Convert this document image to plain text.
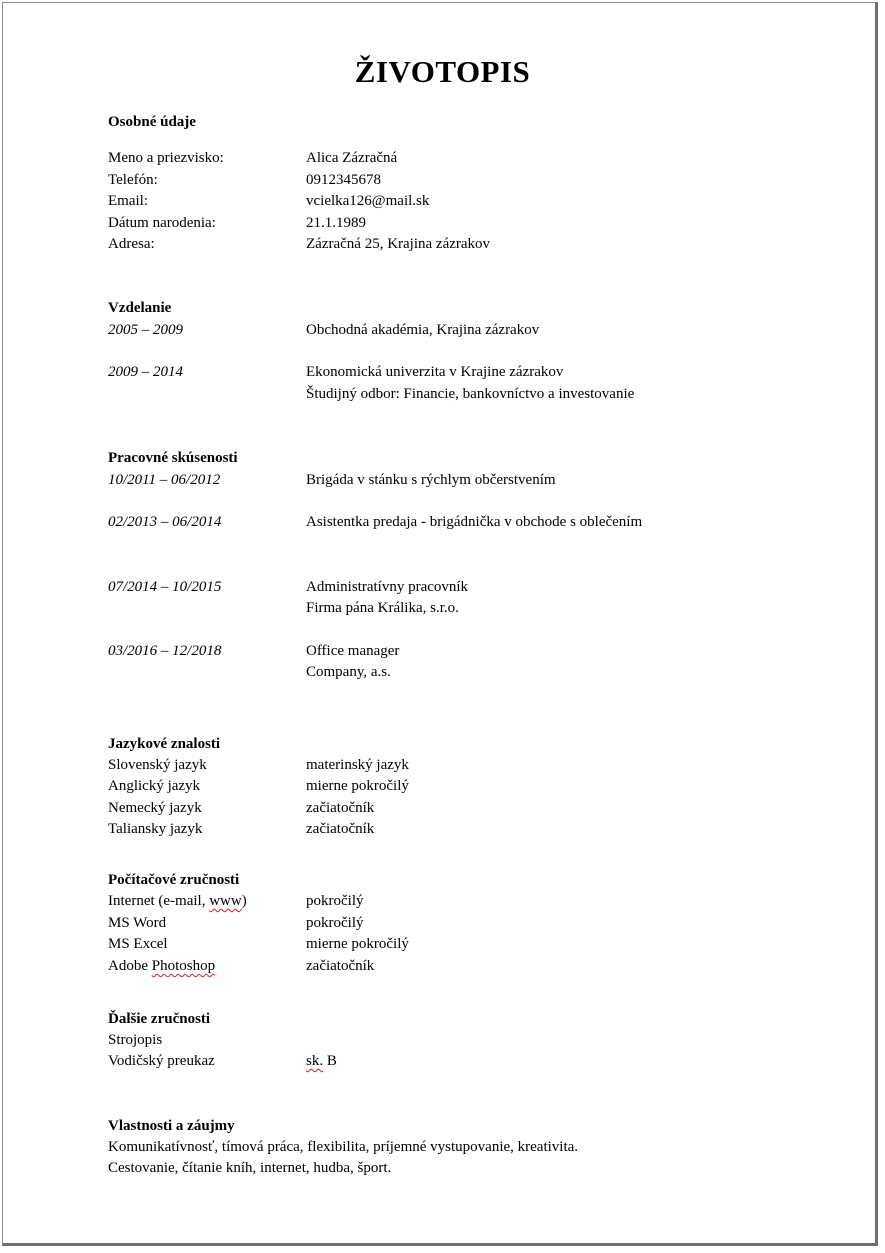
ŽIVOTOPIS
Osobné údaje
Meno a priezvisko:	Alica Zázračná
Telefón:	0912345678
Email:	vcielka126@mail.sk
Dátum narodenia:	21.1.1989
Adresa:	Zázračná 25, Krajina zázrakov
Vzdelanie
2005 – 2009	Obchodná akadémia, Krajina zázrakov
2009 – 2014	Ekonomická univerzita v Krajine zázrakov
Študijný odbor: Financie, bankovníctvo a investovanie
Pracovné skúsenosti
10/2011 – 06/2012	Brigáda v stánku s rýchlym občerstvením
02/2013 – 06/2014	Asistentka predaja - brigádnička v obchode s oblečením
07/2014 – 10/2015	Administratívny pracovník
Firma pána Králika, s.r.o.
03/2016 – 12/2018	Office manager
Company, a.s.
Jazykové znalosti
Slovenský jazyk	materinský jazyk
Anglický jazyk	mierne pokročilý
Nemecký jazyk	začiatočník
Taliansky jazyk	začiatočník
Počítačové zručnosti
Internet (e-mail, www)	pokročilý
MS Word	pokročilý
MS Excel	mierne pokročilý
Adobe Photoshop	začiatočník
Ďalšie zručnosti
Strojopis
Vodičský preukaz	sk. B
Vlastnosti a záujmy
Komunikatívnosť, tímová práca, flexibilita, príjemné vystupovanie, kreativita.
Cestovanie, čítanie kníh, internet, hudba, šport.
